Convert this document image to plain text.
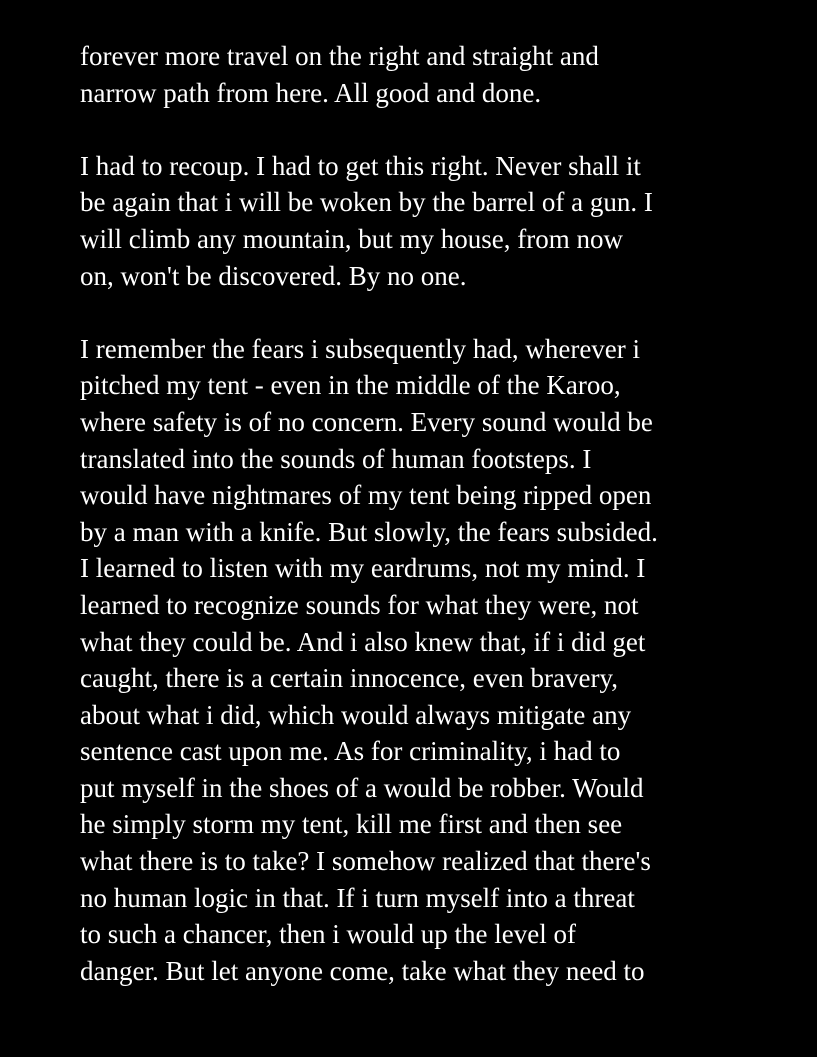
forever more travel on the right and straight and
narrow path from here. All good and done.

I had to recoup. I had to get this right. Never shall it
be again that i will be woken by the barrel of a gun. I
will climb any mountain, but my house, from now
on, won't be discovered. By no one.

I remember the fears i subsequently had, wherever i
pitched my tent - even in the middle of the Karoo,
where safety is of no concern. Every sound would be
translated into the sounds of human footsteps. I
would have nightmares of my tent being ripped open
by a man with a knife. But slowly, the fears subsided.
I learned to listen with my eardrums, not my mind. I
learned to recognize sounds for what they were, not
what they could be. And i also knew that, if i did get
caught, there is a certain innocence, even bravery,
about what i did, which would always mitigate any
sentence cast upon me. As for criminality, i had to
put myself in the shoes of a would be robber. Would
he simply storm my tent, kill me first and then see
what there is to take? I somehow realized that there's
no human logic in that. If i turn myself into a threat
to such a chancer, then i would up the level of
danger. But let anyone come, take what they need to
